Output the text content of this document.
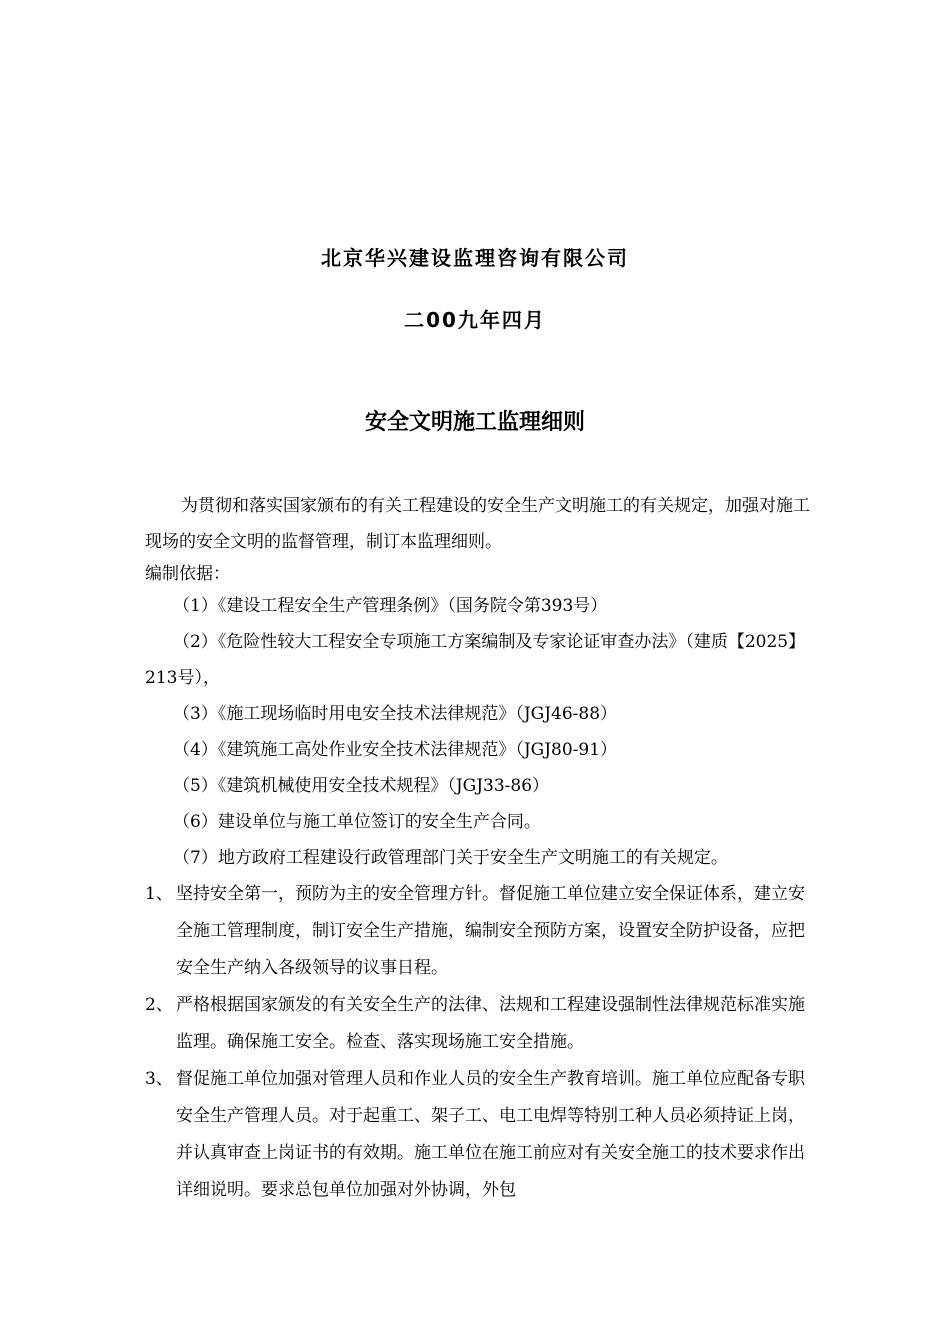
北京华兴建设监理咨询有限公司
二00九年四月
安全文明施工监理细则

为贯彻和落实国家颁布的有关工程建设的安全生产文明施工的有关规定，加强对施工现场的安全文明的监督管理，制订本监理细则。

编制依据：

（1）《建设工程安全生产管理条例》（国务院令第393号）

（2）《危险性较大工程安全专项施工方案编制及专家论证审查办法》（建质【2025】213号），

（3）《施工现场临时用电安全技术法律规范》（JGJ46-88）

（4）《建筑施工高处作业安全技术法律规范》（JGJ80-91）

（5）《建筑机械使用安全技术规程》（JGJ33-86）

（6）建设单位与施工单位签订的安全生产合同。

（7）地方政府工程建设行政管理部门关于安全生产文明施工的有关规定。

1、 坚持安全第一，预防为主的安全管理方针。督促施工单位建立安全保证体系，建立安全施工管理制度，制订安全生产措施，编制安全预防方案，设置安全防护设备，应把安全生产纳入各级领导的议事日程。
2、 严格根据国家颁发的有关安全生产的法律、法规和工程建设强制性法律规范标准实施监理。确保施工安全。检查、落实现场施工安全措施。
3、 督促施工单位加强对管理人员和作业人员的安全生产教育培训。施工单位应配备专职安全生产管理人员。对于起重工、架子工、电工电焊等特别工种人员必须持证上岗，并认真审查上岗证书的有效期。施工单位在施工前应对有关安全施工的技术要求作出详细说明。要求总包单位加强对外协调，外包
